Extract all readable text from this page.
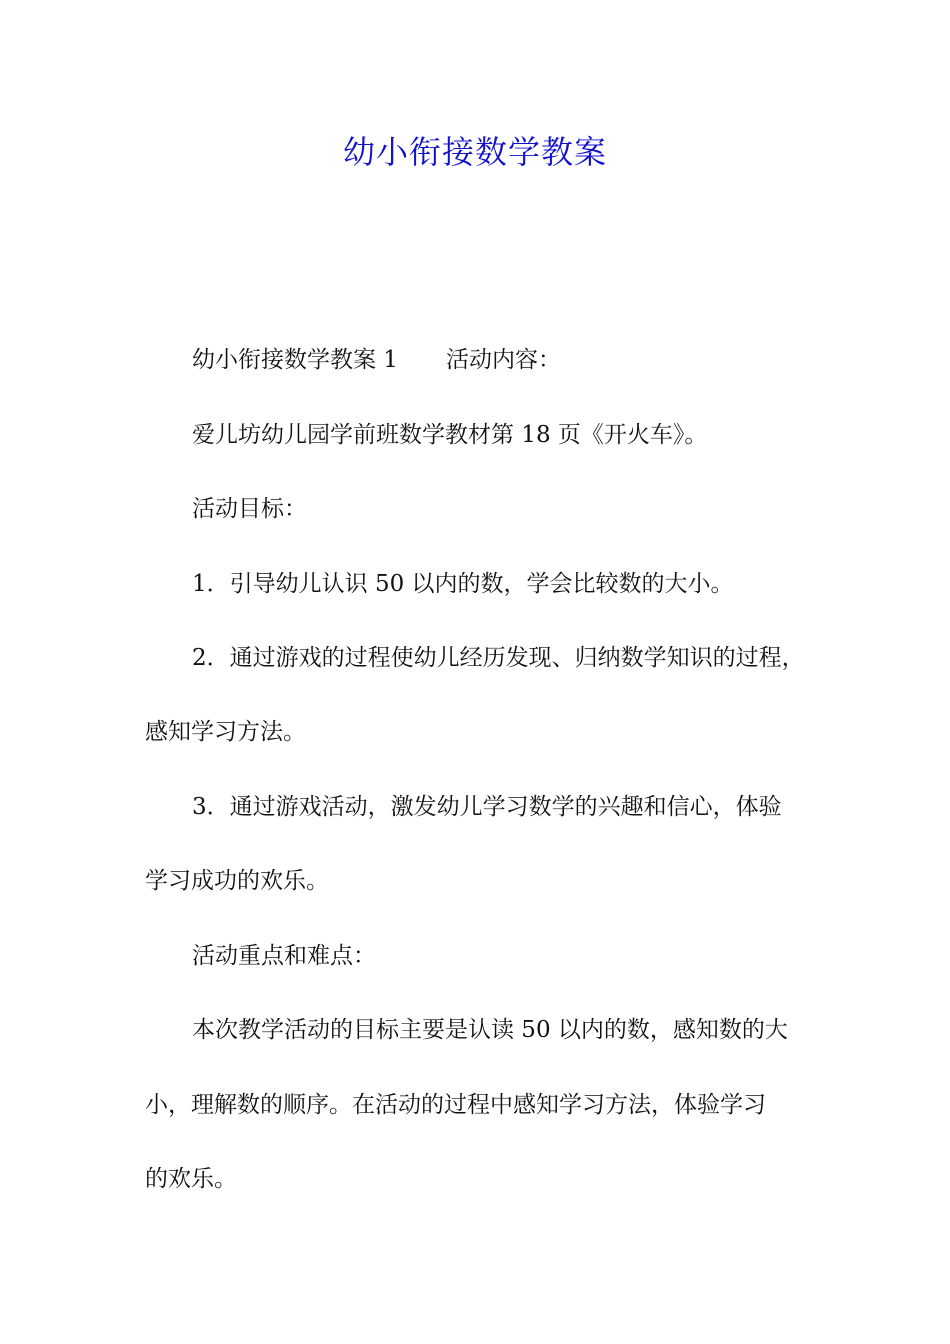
幼小衔接数学教案

幼小衔接数学教案 1 活动内容：

爱儿坊幼儿园学前班数学教材第 18 页《开火车》。

活动目标：

1．引导幼儿认识 50 以内的数，学会比较数的大小。

2．通过游戏的过程使幼儿经历发现、归纳数学知识的过程，

感知学习方法。

3．通过游戏活动，激发幼儿学习数学的兴趣和信心，体验

学习成功的欢乐。

活动重点和难点：

本次教学活动的目标主要是认读 50 以内的数，感知数的大

小，理解数的顺序。在活动的过程中感知学习方法，体验学习

的欢乐。
